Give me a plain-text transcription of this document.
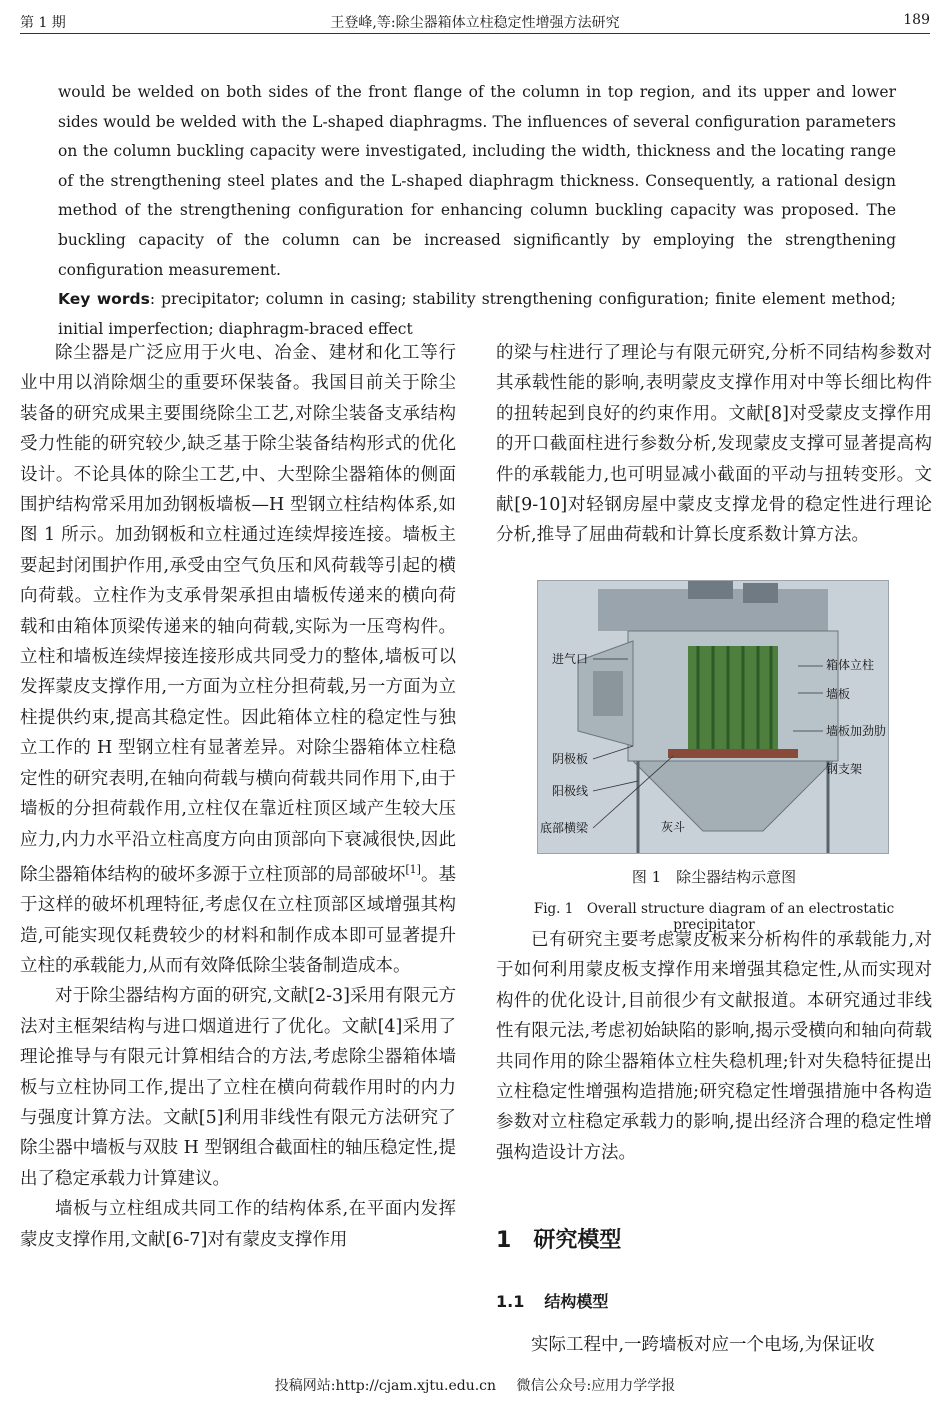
第 1 期	王登峰,等:除尘器箱体立柱稳定性增强方法研究	189

would be welded on both sides of the front flange of the column in top region, and its upper and lower sides would be welded with the L-shaped diaphragms. The influences of several configuration parameters on the column buckling capacity were investigated, including the width, thickness and the locating range of the strengthening steel plates and the L-shaped diaphragm thickness. Consequently, a rational design method of the strengthening configuration for enhancing column buckling capacity was proposed. The buckling capacity of the column can be increased significantly by employing the strengthening configuration measurement.

Key words: precipitator; column in casing; stability strengthening configuration; finite element method; initial imperfection; diaphragm-braced effect

除尘器是广泛应用于火电、冶金、建材和化工等行业中用以消除烟尘的重要环保装备。我国目前关于除尘装备的研究成果主要围绕除尘工艺,对除尘装备支承结构受力性能的研究较少,缺乏基于除尘装备结构形式的优化设计。不论具体的除尘工艺,中、大型除尘器箱体的侧面围护结构常采用加劲钢板墙板—H 型钢立柱结构体系,如图 1 所示。加劲钢板和立柱通过连续焊接连接。墙板主要起封闭围护作用,承受由空气负压和风荷载等引起的横向荷载。立柱作为支承骨架承担由墙板传递来的横向荷载和由箱体顶梁传递来的轴向荷载,实际为一压弯构件。立柱和墙板连续焊接连接形成共同受力的整体,墙板可以发挥蒙皮支撑作用,一方面为立柱分担荷载,另一方面为立柱提供约束,提高其稳定性。因此箱体立柱的稳定性与独立工作的 H 型钢立柱有显著差异。对除尘器箱体立柱稳定性的研究表明,在轴向荷载与横向荷载共同作用下,由于墙板的分担荷载作用,立柱仅在靠近柱顶区域产生较大压应力,内力水平沿立柱高度方向由顶部向下衰减很快,因此除尘器箱体结构的破坏多源于立柱顶部的局部破坏[1]。基于这样的破坏机理特征,考虑仅在立柱顶部区域增强其构造,可能实现仅耗费较少的材料和制作成本即可显著提升立柱的承载能力,从而有效降低除尘装备制造成本。

对于除尘器结构方面的研究,文献[2-3]采用有限元方法对主框架结构与进口烟道进行了优化。文献[4]采用了理论推导与有限元计算相结合的方法,考虑除尘器箱体墙板与立柱协同工作,提出了立柱在横向荷载作用时的内力与强度计算方法。文献[5]利用非线性有限元方法研究了除尘器中墙板与双肢 H 型钢组合截面柱的轴压稳定性,提出了稳定承载力计算建议。

墙板与立柱组成共同工作的结构体系,在平面内发挥蒙皮支撑作用,文献[6-7]对有蒙皮支撑作用

的梁与柱进行了理论与有限元研究,分析不同结构参数对其承载性能的影响,表明蒙皮支撑作用对中等长细比构件的扭转起到良好的约束作用。文献[8]对受蒙皮支撑作用的开口截面柱进行参数分析,发现蒙皮支撑可显著提高构件的承载能力,也可明显减小截面的平动与扭转变形。文献[9-10]对轻钢房屋中蒙皮支撑龙骨的稳定性进行理论分析,推导了屈曲荷载和计算长度系数计算方法。

进气口	箱体立柱
墙板
墙板加劲肋
阴极板
钢支架
阳极线
底部横梁	灰斗
图 1　除尘器结构示意图
Fig. 1　Overall structure diagram of an electrostatic precipitator

已有研究主要考虑蒙皮板来分析构件的承载能力,对于如何利用蒙皮板支撑作用来增强其稳定性,从而实现对构件的优化设计,目前很少有文献报道。本研究通过非线性有限元法,考虑初始缺陷的影响,揭示受横向和轴向荷载共同作用的除尘器箱体立柱失稳机理;针对失稳特征提出立柱稳定性增强构造措施;研究稳定性增强措施中各构造参数对立柱稳定承载力的影响,提出经济合理的稳定性增强构造设计方法。

1 研究模型
1.1 结构模型

实际工程中,一跨墙板对应一个电场,为保证收

投稿网站:http://cjam.xjtu.edu.cn 微信公众号:应用力学学报
